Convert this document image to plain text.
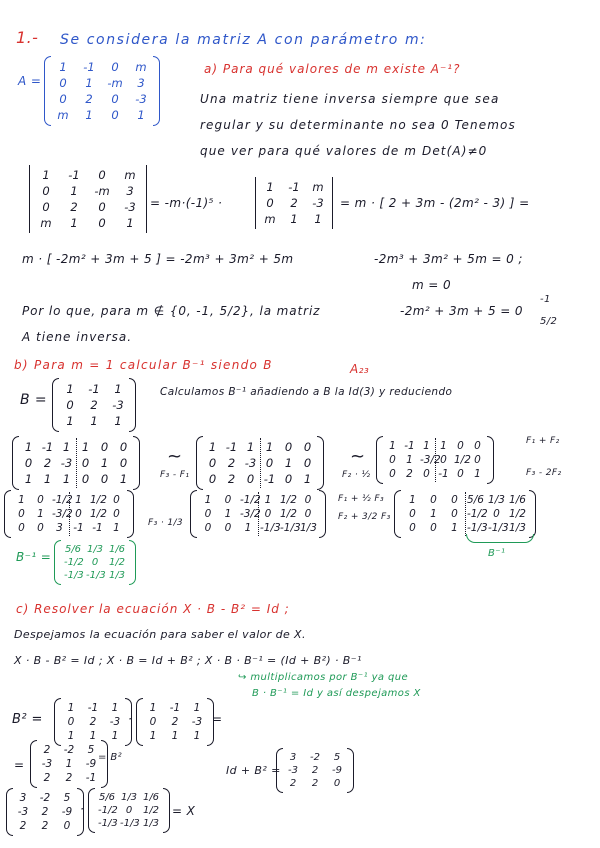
1.- Se considera la matriz A con parámetro m:
A =
1	-1	0	m
0	1	-m	3
0	2	0	-3
m	1	0	1
a) Para qué valores de m existe A⁻¹?
Una matriz tiene inversa siempre que sea
regular y su determinante no sea 0 Tenemos
que ver para qué valores de m Det(A)≠0
1	-1	0	m
0	1	-m	3
0	2	0	-3
m	1	0	1
= -m·(-1)⁵ ·
1	-1 m
0	2	-3
m	1	1
= m · [ 2 + 3m - (2m² - 3) ] =
m · [ -2m² + 3m + 5 ] = -2m³ + 3m² + 5m	-2m³ + 3m² + 5m = 0 ;
m = 0
Por lo que, para m ∉ {0, -1, 5/2}, la matriz	-2m² + 3m + 5 = 0
-1
5/2
A tiene inversa.
b) Para m = 1 calcular B⁻¹ siendo B	A₂₃
B =
1	-1	1
0	2	-3
1	1	1
Calculamos B⁻¹ añadiendo a B la Id(3) y reduciendo
1 -1 1 1 0 0
0 2 -3 0 1 0
1 1 1 0 0 1
~
F₃ - F₁
1 -1 1 1 0 0
0 2 -3 0 1 0
0 2 0 -1 0 1
~
F₂ · ½
1 -1 1 1 0 0
0 1 -3/2 0 1/2 0
0 2 0 -1 0 1
F₁ + F₂
F₃ - 2F₂
1	0 -1/2 1 1/2 0
0	1 -3/2 0 1/2 0
0	0	3 -1 -1 1	F₃ · 1/3
1	0 -1/2 1 1/2 0
0	1 -3/2 0 1/2 0
0	0	1 -1/3 -1/3 1/3
F₁ + ½ F₃
F₂ + 3/2 F₃
1	0	0 5/6 1/3 1/6
0	1	0 -1/2 0 1/2
0	0	1 -1/3 -1/3 1/3
B⁻¹
B⁻¹ =
5/6 1/3 1/6
-1/2 0	1/2
-1/3 -1/3 1/3
c) Resolver la ecuación X · B - B² = Id ;
Despejamos la ecuación para saber el valor de X.
X · B - B² = Id ; X · B = Id + B² ; X · B · B⁻¹ = (Id + B²) · B⁻¹
↪ multiplicamos por B⁻¹ ya que
B · B⁻¹ = Id y así despejamos X
B² =
1	-1	1
0	2	-3
1	1	1
·
1	-1	1
0	2	-3
1	1	1
=
=
2	-2	5
-3	1	-9
2	2	-1
= B²
Id + B² =
3	-2	5
-3	2	-9
2	2	0
3	-2	5
-3	2	-9
2	2	0
·
5/6 1/3 1/6
-1/2 0	1/2
-1/3 -1/3 1/3
= X
